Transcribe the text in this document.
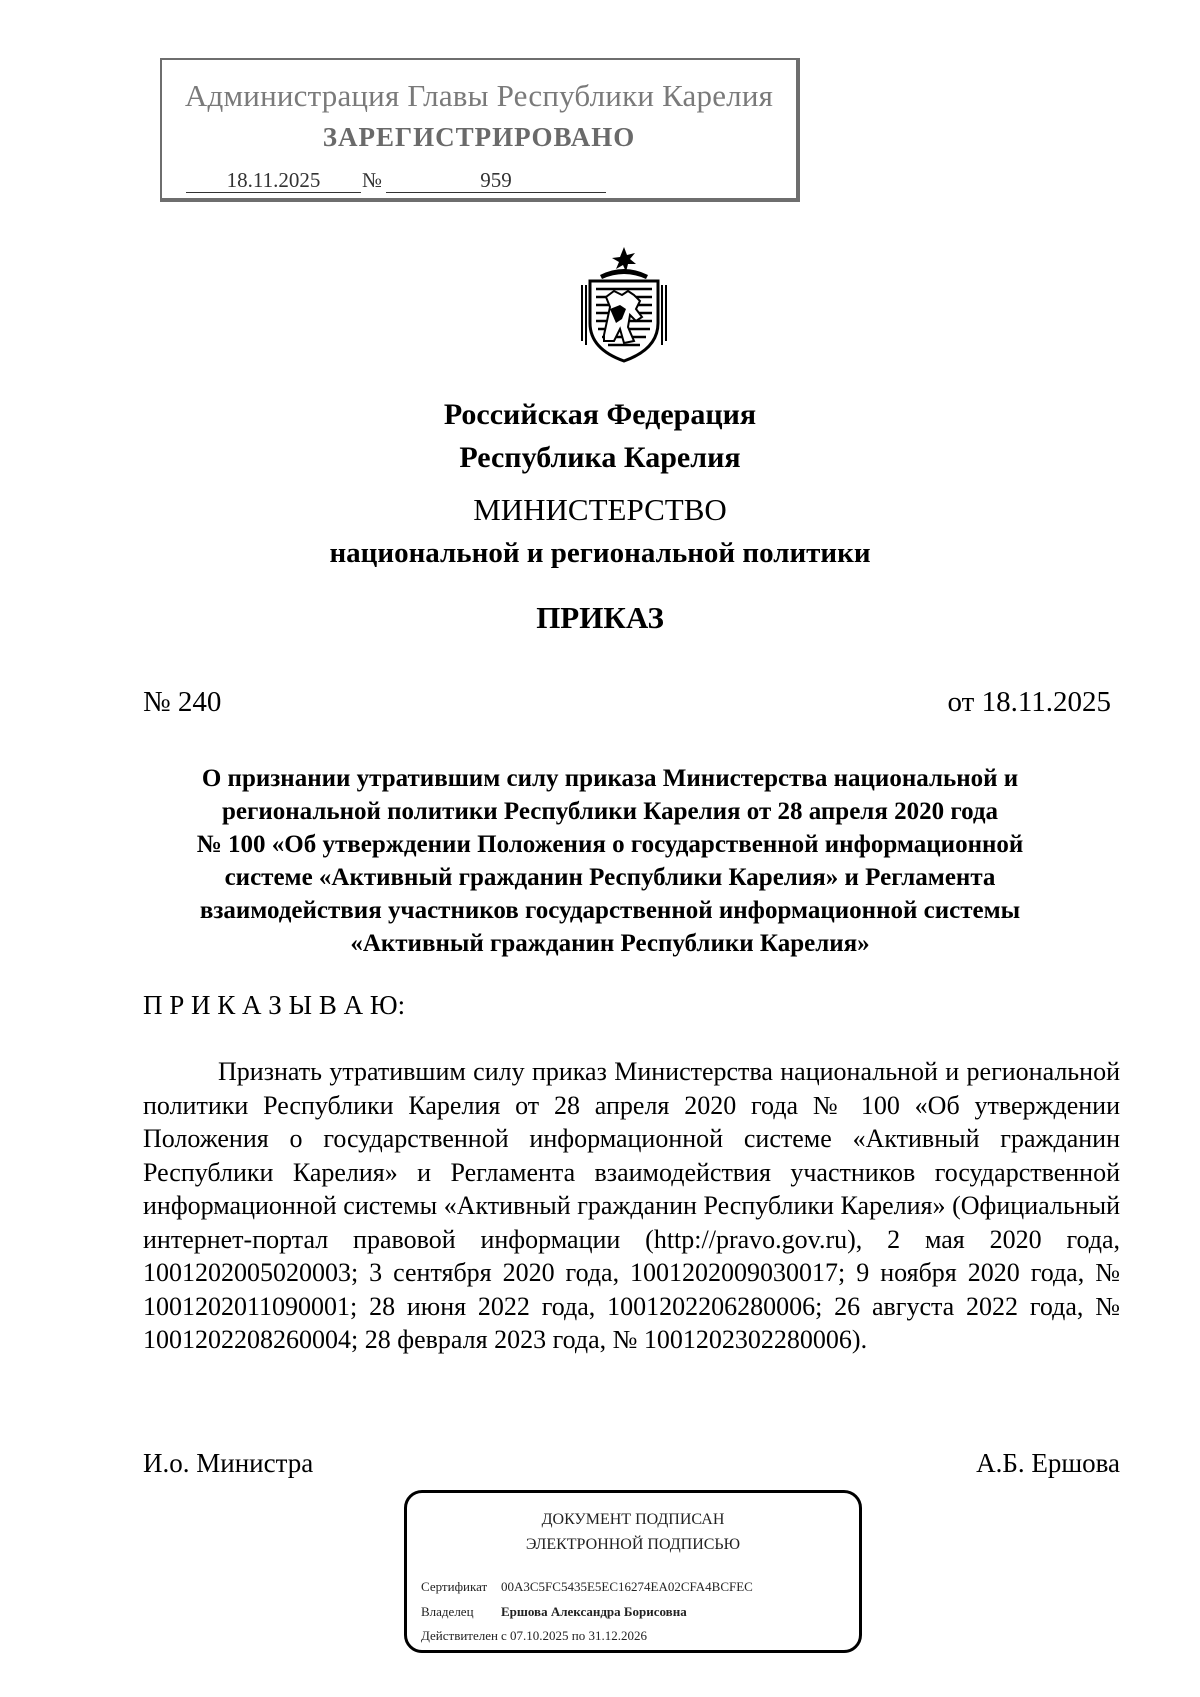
Администрация Главы Республики Карелия
ЗАРЕГИСТРИРОВАНО
18.11.2025	№	959
Российская Федерация
Республика Карелия
МИНИСТЕРСТВО
национальной и региональной политики
ПРИКАЗ
№ 240	от 18.11.2025
О признании утратившим силу приказа Министерства национальной и
региональной политики Республики Карелия от 28 апреля 2020 года
№ 100 «Об утверждении Положения о государственной информационной
системе «Активный гражданин Республики Карелия» и Регламента
взаимодействия участников государственной информационной системы
«Активный гражданин Республики Карелия»
П Р И К А З Ы В А Ю:
Признать утратившим силу приказ Министерства национальной и региональной политики Республики Карелия от 28 апреля 2020 года № 100 «Об утверждении Положения о государственной информационной системе «Активный гражданин Республики Карелия» и Регламента взаимодействия участников государственной информационной системы «Активный гражданин Республики Карелия» (Официальный интернет-портал правовой информации (http://pravo.gov.ru), 2 мая 2020 года, 1001202005020003; 3 сентября 2020 года, 1001202009030017; 9 ноября 2020 года, № 1001202011090001; 28 июня 2022 года, 1001202206280006; 26 августа 2022 года, № 1001202208260004; 28 февраля 2023 года, № 1001202302280006).
И.о. Министра	А.Б. Ершова
ДОКУМЕНТ ПОДПИСАН
ЭЛЕКТРОННОЙ ПОДПИСЬЮ
Сертификат 00A3C5FC5435E5EC16274EA02CFA4BCFEC
Владелец Ершова Александра Борисовна
Действителен с 07.10.2025 по 31.12.2026
